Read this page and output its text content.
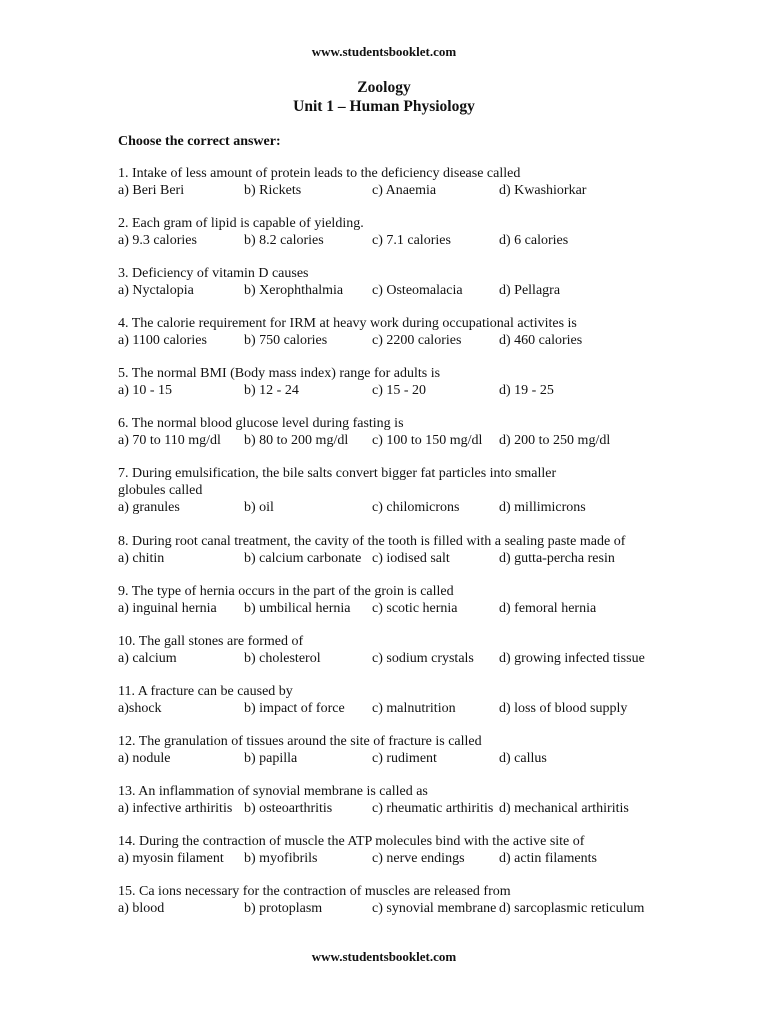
www.studentsbooklet.com
Zoology
Unit 1 – Human Physiology
Choose the correct answer:
1. Intake of less amount of protein leads to the deficiency disease called
a) Beri Beri	b) Rickets	c) Anaemia	d) Kwashiorkar
2. Each gram of lipid is capable of yielding.
a) 9.3 calories	b) 8.2 calories	c) 7.1 calories	d) 6 calories
3. Deficiency of vitamin D causes
a) Nyctalopia	b) Xerophthalmia c) Osteomalacia	d) Pellagra
4. The calorie requirement for IRM at heavy work during occupational activites is
a) 1100 calories	b) 750 calories	c) 2200 calories	d) 460 calories
5. The normal BMI (Body mass index) range for adults is
a) 10 - 15	b) 12 - 24	c) 15 - 20	d) 19 - 25
6. The normal blood glucose level during fasting is
a) 70 to 110 mg/dl b) 80 to 200 mg/dl c) 100 to 150 mg/dl d) 200 to 250 mg/dl
7. During emulsification, the bile salts convert bigger fat particles into smaller
globules called
a) granules	b) oil	c) chilomicrons	d) millimicrons
8. During root canal treatment, the cavity of the tooth is filled with a sealing paste made of
a) chitin	b) calcium carbonate c) iodised salt	d) gutta-percha resin
9. The type of hernia occurs in the part of the groin is called
a) inguinal hernia b) umbilical hernia c) scotic hernia	d) femoral hernia
10. The gall stones are formed of
a) calcium	b) cholesterol	c) sodium crystals d) growing infected tissue
11. A fracture can be caused by
a)shock	b) impact of force c) malnutrition	d) loss of blood supply
12. The granulation of tissues around the site of fracture is called
a) nodule	b) papilla	c) rudiment	d) callus
13. An inflammation of synovial membrane is called as
a) infective arthiritis b) osteoarthritis	c) rheumatic arthiritis d) mechanical arthiritis
14. During the contraction of muscle the ATP molecules bind with the active site of
a) myosin filament b) myofibrils	c) nerve endings d) actin filaments
15. Ca ions necessary for the contraction of muscles are released from
a) blood	b) protoplasm	c) synovial membrane d) sarcoplasmic reticulum
www.studentsbooklet.com
